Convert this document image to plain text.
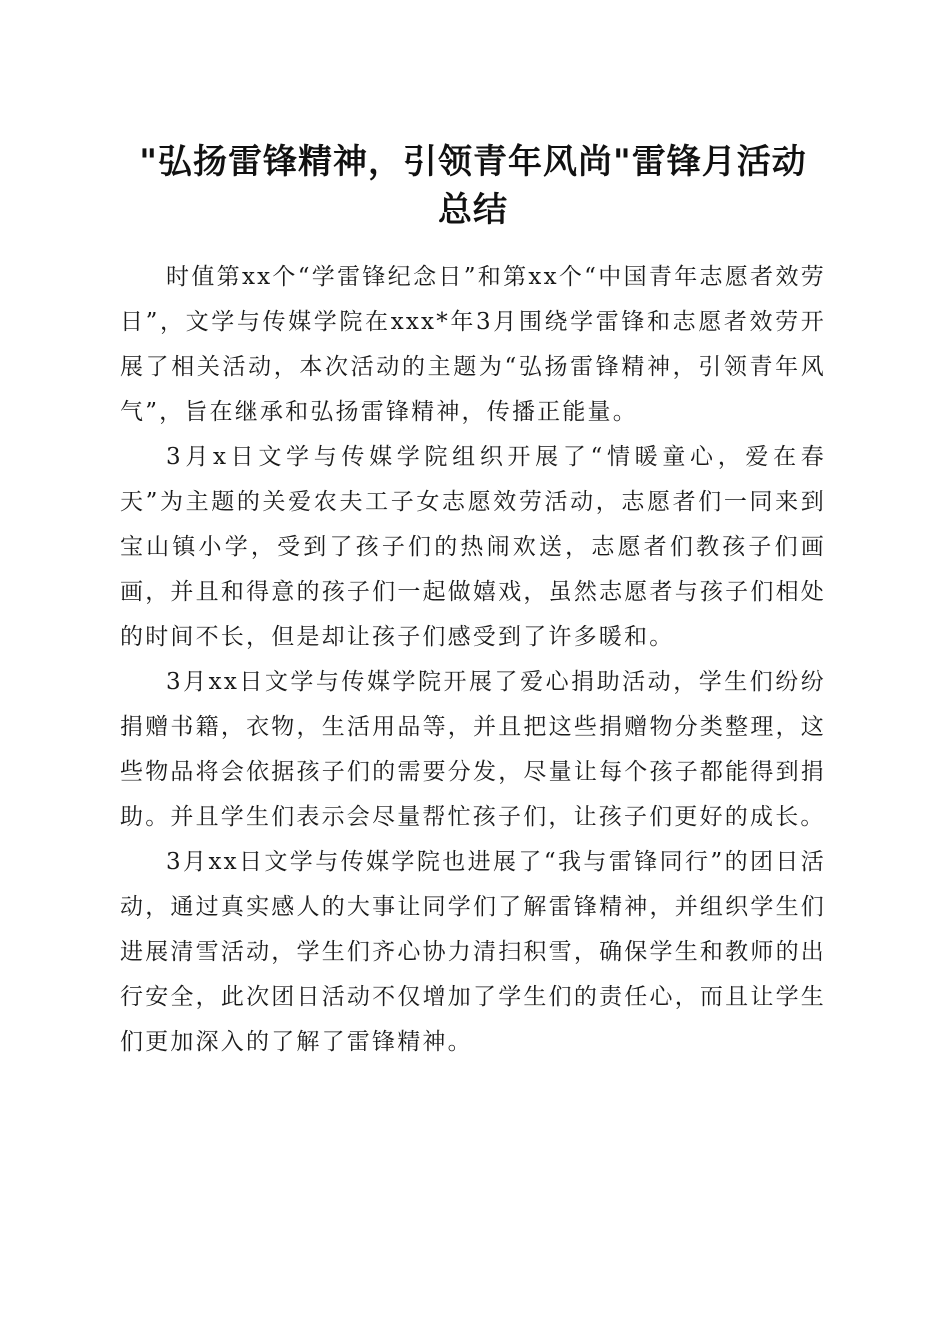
"弘扬雷锋精神，引领青年风尚"雷锋月活动
总结

时值第xx个“学雷锋纪念日”和第xx个“中国青年志愿者效劳日”，文学与传媒学院在xxx*年3月围绕学雷锋和志愿者效劳开展了相关活动，本次活动的主题为“弘扬雷锋精神，引领青年风气”，旨在继承和弘扬雷锋精神，传播正能量。

3月x日文学与传媒学院组织开展了“情暖童心，爱在春天”为主题的关爱农夫工子女志愿效劳活动，志愿者们一同来到宝山镇小学，受到了孩子们的热闹欢送，志愿者们教孩子们画画，并且和得意的孩子们一起做嬉戏，虽然志愿者与孩子们相处的时间不长，但是却让孩子们感受到了许多暖和。

3月xx日文学与传媒学院开展了爱心捐助活动，学生们纷纷捐赠书籍，衣物，生活用品等，并且把这些捐赠物分类整理，这些物品将会依据孩子们的需要分发，尽量让每个孩子都能得到捐助。并且学生们表示会尽量帮忙孩子们，让孩子们更好的成长。

3月xx日文学与传媒学院也进展了“我与雷锋同行”的团日活动，通过真实感人的大事让同学们了解雷锋精神，并组织学生们进展清雪活动，学生们齐心协力清扫积雪，确保学生和教师的出行安全，此次团日活动不仅增加了学生们的责任心，而且让学生们更加深入的了解了雷锋精神。
